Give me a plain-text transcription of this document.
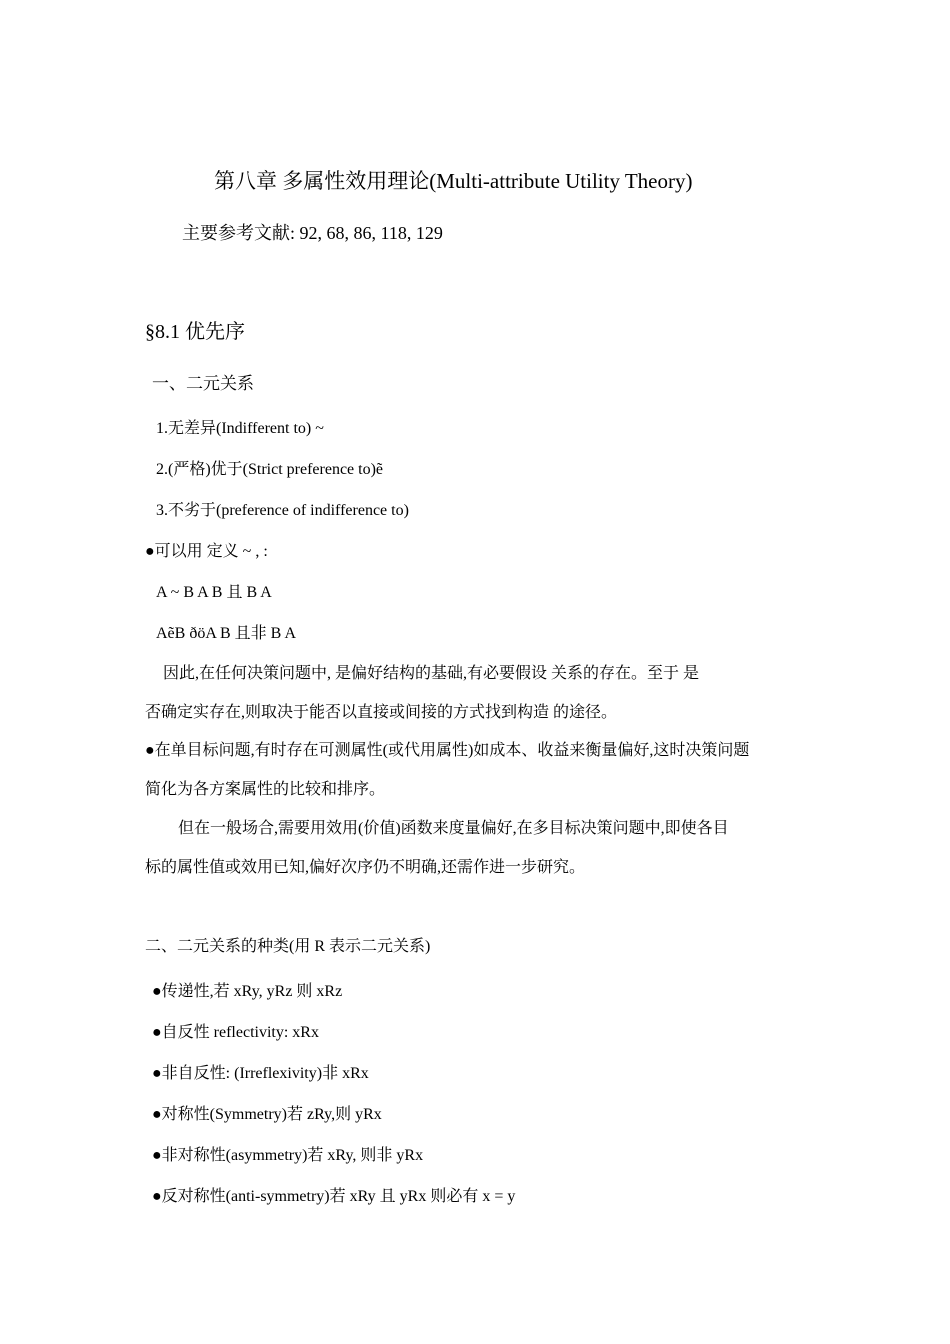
第八章 多属性效用理论(Multi-attribute Utility Theory)
主要参考文献: 92, 68, 86, 118, 129
§8.1 优先序
一、二元关系
1.无差异(Indifferent to) ~
2.(严格)优于(Strict preference to)ẽ
3.不劣于(preference of indifference to)
●可以用 定义 ~ , :
A ~ B A B 且 B A
AẽB ðöA B 且非 B A
因此,在任何决策问题中, 是偏好结构的基础,有必要假设 关系的存在。至于 是
否确定实存在,则取决于能否以直接或间接的方式找到构造 的途径。
●在单目标问题,有时存在可测属性(或代用属性)如成本、收益来衡量偏好,这时决策问题
简化为各方案属性的比较和排序。
但在一般场合,需要用效用(价值)函数来度量偏好,在多目标决策问题中,即使各目
标的属性值或效用已知,偏好次序仍不明确,还需作进一步研究。
二、二元关系的种类(用 R 表示二元关系)
●传递性,若 xRy, yRz 则 xRz
●自反性 reflectivity: xRx
●非自反性: (Irreflexivity)非 xRx
●对称性(Symmetry)若 zRy,则 yRx
●非对称性(asymmetry)若 xRy, 则非 yRx
●反对称性(anti-symmetry)若 xRy 且 yRx 则必有 x = y
